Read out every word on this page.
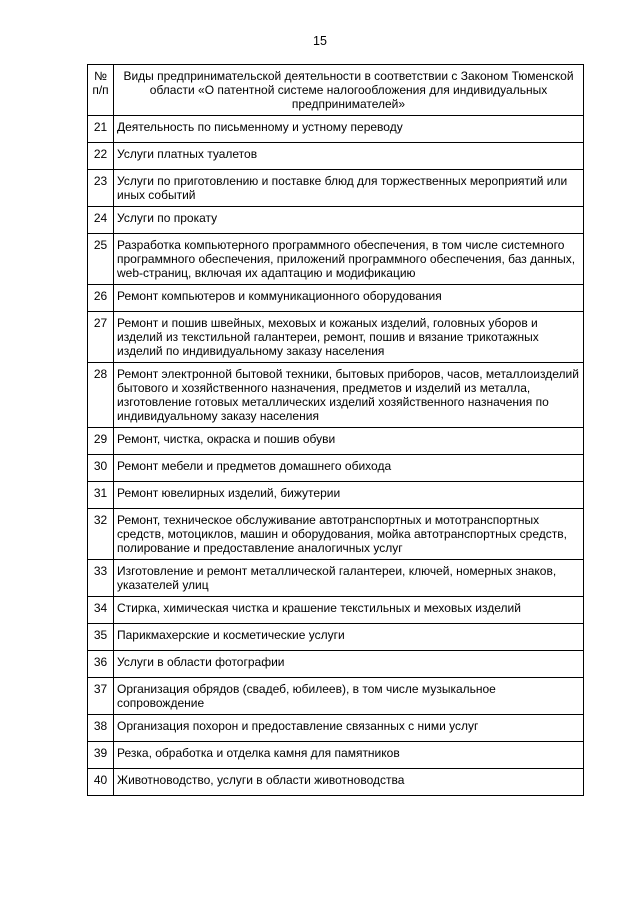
15
№ п/п	Виды предпринимательской деятельности в соответствии с Законом Тюменской области «О патентной системе налогообложения для индивидуальных предпринимателей»
21	Деятельность по письменному и устному переводу
22	Услуги платных туалетов
23	Услуги по приготовлению и поставке блюд для торжественных мероприятий или иных событий
24	Услуги по прокату
25	Разработка компьютерного программного обеспечения, в том числе системного программного обеспечения, приложений программного обеспечения, баз данных, web-страниц, включая их адаптацию и модификацию
26	Ремонт компьютеров и коммуникационного оборудования
27	Ремонт и пошив швейных, меховых и кожаных изделий, головных уборов и изделий из текстильной галантереи, ремонт, пошив и вязание трикотажных изделий по индивидуальному заказу населения
28	Ремонт электронной бытовой техники, бытовых приборов, часов, металлоизделий бытового и хозяйственного назначения, предметов и изделий из металла, изготовление готовых металлических изделий хозяйственного назначения по индивидуальному заказу населения
29	Ремонт, чистка, окраска и пошив обуви
30	Ремонт мебели и предметов домашнего обихода
31	Ремонт ювелирных изделий, бижутерии
32	Ремонт, техническое обслуживание автотранспортных и мототранспортных средств, мотоциклов, машин и оборудования, мойка автотранспортных средств, полирование и предоставление аналогичных услуг
33	Изготовление и ремонт металлической галантереи, ключей, номерных знаков, указателей улиц
34	Стирка, химическая чистка и крашение текстильных и меховых изделий
35	Парикмахерские и косметические услуги
36	Услуги в области фотографии
37	Организация обрядов (свадеб, юбилеев), в том числе музыкальное сопровождение
38	Организация похорон и предоставление связанных с ними услуг
39	Резка, обработка и отделка камня для памятников
40	Животноводство, услуги в области животноводства
